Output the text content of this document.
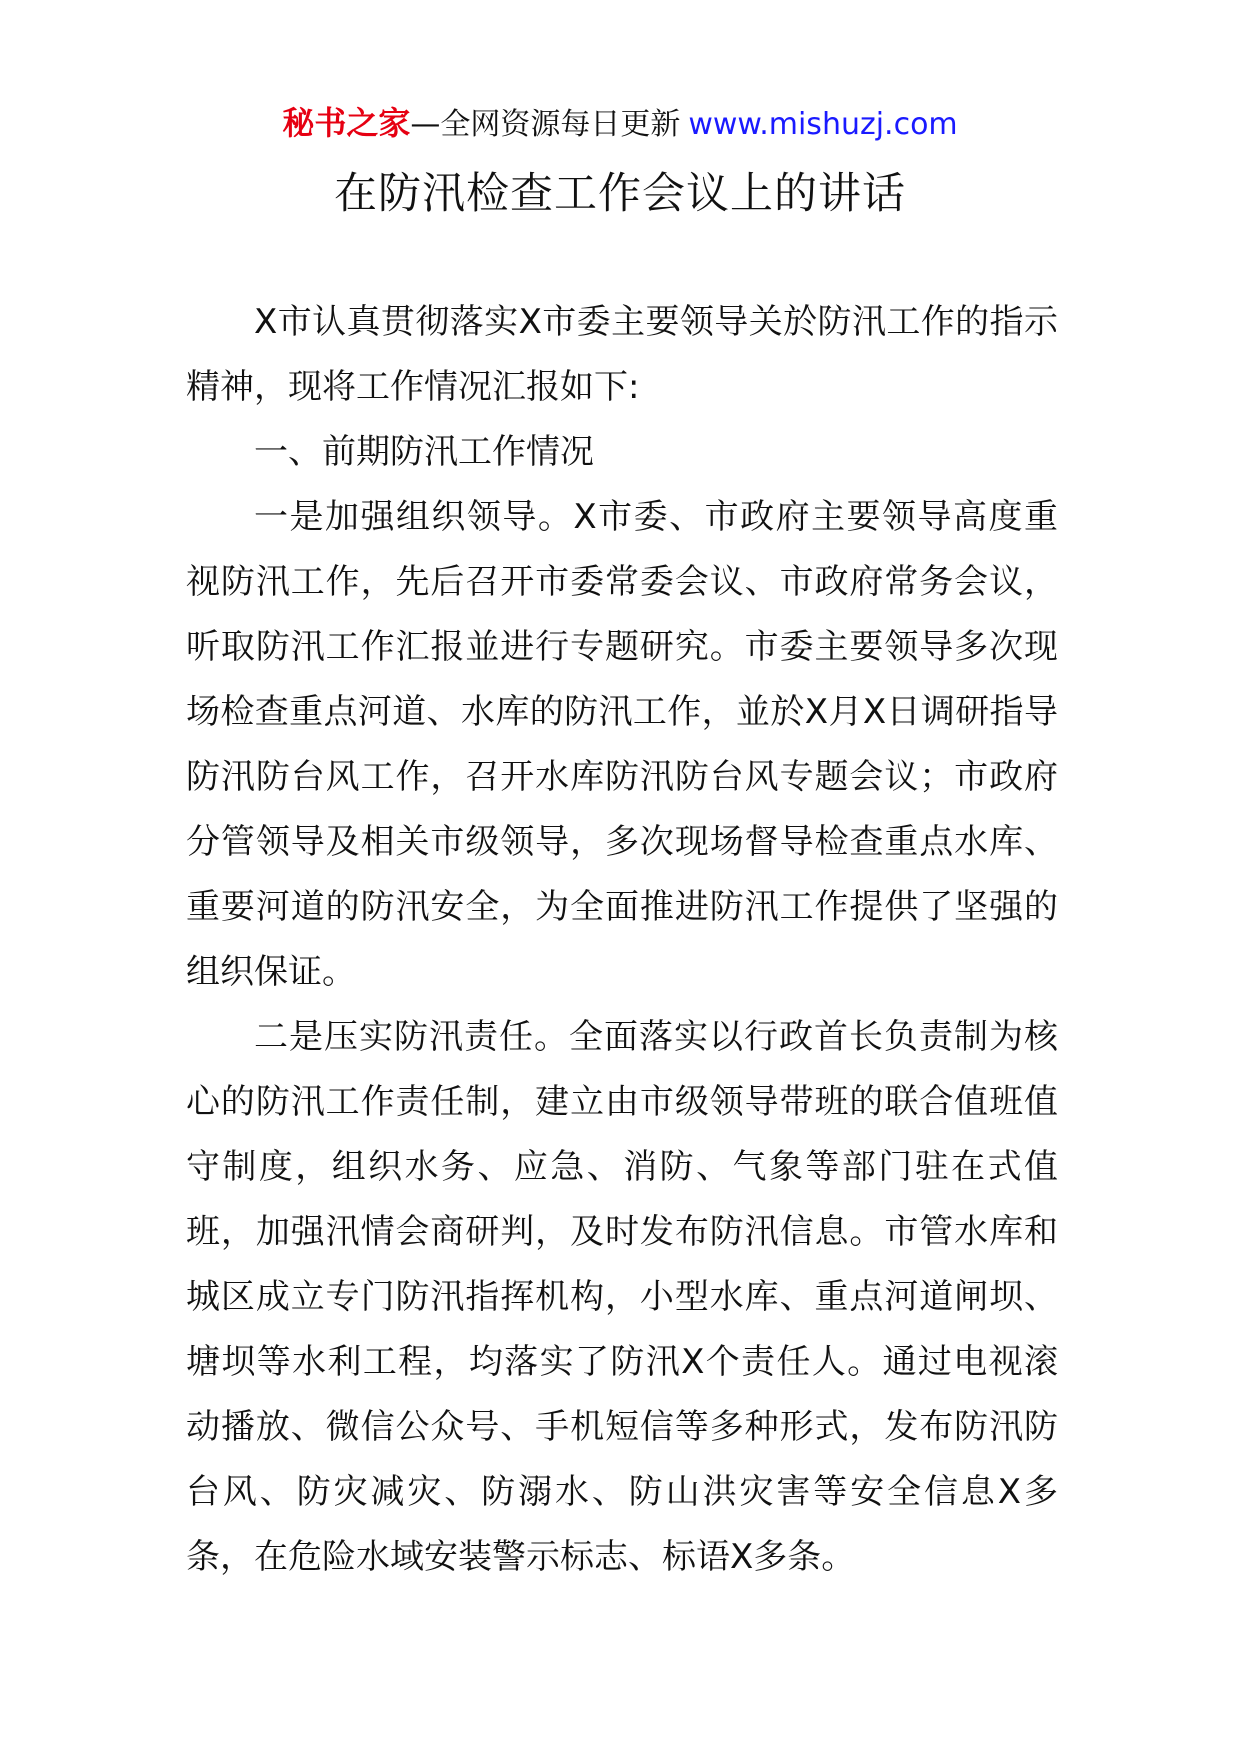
秘书之家—全网资源每日更新 www.mishuzj.com
在防汛检查工作会议上的讲话

X市认真贯彻落实X市委主要领导关於防汛工作的指示精神，现将工作情况汇报如下:

一、前期防汛工作情况

一是加强组织领导。X市委、市政府主要领导高度重视防汛工作，先后召开市委常委会议、市政府常务会议，听取防汛工作汇报並进行专题研究。市委主要领导多次现场检查重点河道、水库的防汛工作，並於X月X日调研指导防汛防台风工作，召开水库防汛防台风专题会议；市政府分管领导及相关市级领导，多次现场督导检查重点水库、重要河道的防汛安全，为全面推进防汛工作提供了坚强的组织保证。

二是压实防汛责任。全面落实以行政首长负责制为核心的防汛工作责任制，建立由市级领导带班的联合值班值守制度，组织水务、应急、消防、气象等部门驻在式值班，加强汛情会商研判，及时发布防汛信息。市管水库和城区成立专门防汛指挥机构，小型水库、重点河道闸坝、塘坝等水利工程，均落实了防汛X个责任人。通过电视滚动播放、微信公众号、手机短信等多种形式，发布防汛防台风、防灾减灾、防溺水、防山洪灾害等安全信息X多条，在危险水域安装警示标志、标语X多条。
